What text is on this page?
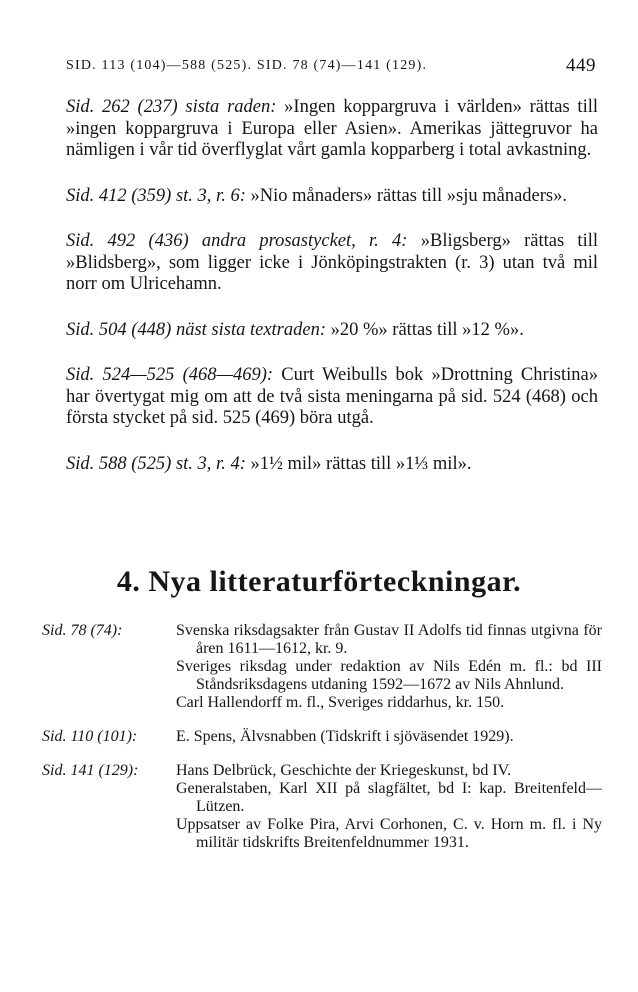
SID. 113 (104)—588 (525). SID. 78 (74)—141 (129).	449

Sid. 262 (237) sista raden: »Ingen koppargruva i världen» rättas till »ingen koppargruva i Europa eller Asien». Amerikas jättegruvor ha nämligen i vår tid överflyglat vårt gamla kopparberg i total avkastning.

Sid. 412 (359) st. 3, r. 6: »Nio månaders» rättas till »sju månaders».

Sid. 492 (436) andra prosastycket, r. 4: »Bligsberg» rättas till »Blidsberg», som ligger icke i Jönköpingstrakten (r. 3) utan två mil norr om Ulricehamn.

Sid. 504 (448) näst sista textraden: »20 %» rättas till »12 %».

Sid. 524—525 (468—469): Curt Weibulls bok »Drottning Christina» har övertygat mig om att de två sista meningarna på sid. 524 (468) och första stycket på sid. 525 (469) böra utgå.

Sid. 588 (525) st. 3, r. 4: »1½ mil» rättas till »1⅓ mil».

4. Nya litteraturförteckningar.
Sid. 78 (74):	Svenska riksdagsakter från Gustav II Adolfs tid finnas utgivna för åren 1611—1612, kr. 9.
Sveriges riksdag under redaktion av Nils Edén m. fl.: bd III Ståndsriksdagens utdaning 1592—1672 av Nils Ahnlund.
Carl Hallendorff m. fl., Sveriges riddarhus, kr. 150.
Sid. 110 (101):	E. Spens, Älvsnabben (Tidskrift i sjöväsendet 1929).
Sid. 141 (129):	Hans Delbrück, Geschichte der Kriegeskunst, bd IV.
Generalstaben, Karl XII på slagfältet, bd I: kap. Breitenfeld—Lützen.
Uppsatser av Folke Pira, Arvi Corhonen, C. v. Horn m. fl. i Ny militär tidskrifts Breitenfeldnummer 1931.
